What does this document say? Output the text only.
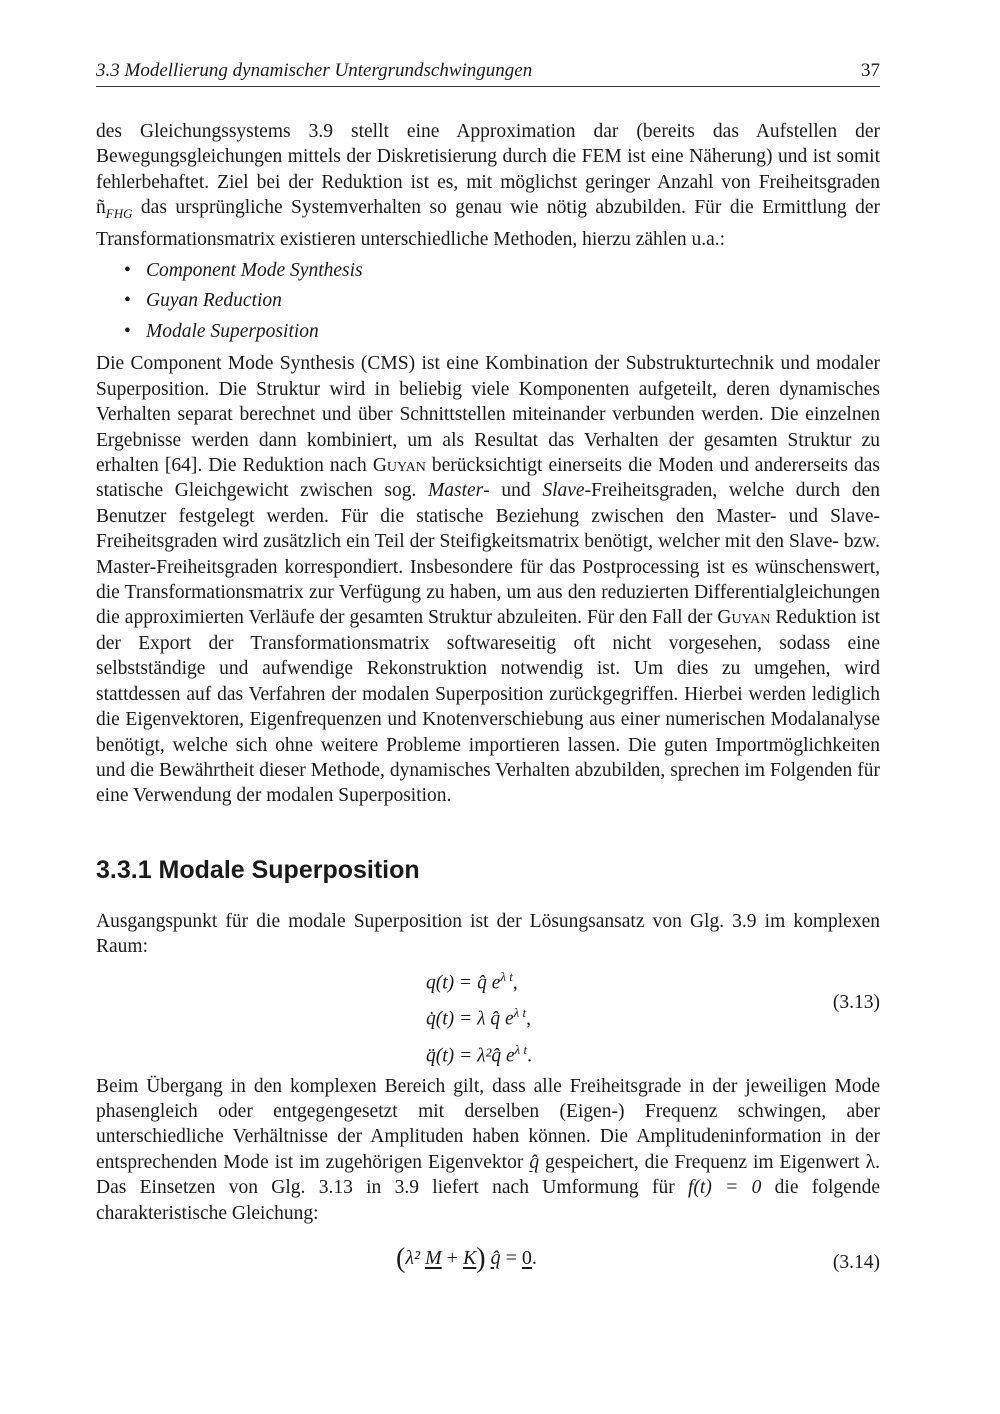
3.3 Modellierung dynamischer Untergrundschwingungen	37

des Gleichungssystems 3.9 stellt eine Approximation dar (bereits das Aufstellen der Bewegungsgleichungen mittels der Diskretisierung durch die FEM ist eine Näherung) und ist somit fehlerbehaftet. Ziel bei der Reduktion ist es, mit möglichst geringer Anzahl von Freiheitsgraden $ñ_{FHG}$ das ursprüngliche Systemverhalten so genau wie nötig abzubilden. Für die Ermittlung der Transformationsmatrix existieren unterschiedliche Methoden, hierzu zählen u.a.:

• Component Mode Synthesis
• Guyan Reduction
• Modale Superposition

Die Component Mode Synthesis (CMS) ist eine Kombination der Substrukturtechnik und modaler Superposition. Die Struktur wird in beliebig viele Komponenten aufgeteilt, deren dynamisches Verhalten separat berechnet und über Schnittstellen miteinander verbunden werden. Die einzelnen Ergebnisse werden dann kombiniert, um als Resultat das Verhalten der gesamten Struktur zu erhalten [64]. Die Reduktion nach Guyan berücksichtigt einerseits die Moden und andererseits das statische Gleichgewicht zwischen sog. Master- und Slave-Freiheitsgraden, welche durch den Benutzer festgelegt werden. Für die statische Beziehung zwischen den Master- und Slave-Freiheitsgraden wird zusätzlich ein Teil der Steifigkeitsmatrix benötigt, welcher mit den Slave- bzw. Master-Freiheitsgraden korrespondiert. Insbesondere für das Postprocessing ist es wünschenswert, die Transformationsmatrix zur Verfügung zu haben, um aus den reduzierten Differentialgleichungen die approximierten Verläufe der gesamten Struktur abzuleiten. Für den Fall der Guyan Reduktion ist der Export der Transformationsmatrix softwareseitig oft nicht vorgesehen, sodass eine selbstständige und aufwendige Rekonstruktion notwendig ist. Um dies zu umgehen, wird stattdessen auf das Verfahren der modalen Superposition zurückgegriffen. Hierbei werden lediglich die Eigenvektoren, Eigenfrequenzen und Knotenverschiebung aus einer numerischen Modalanalyse benötigt, welche sich ohne weitere Probleme importieren lassen. Die guten Importmöglichkeiten und die Bewährtheit dieser Methode, dynamisches Verhalten abzubilden, sprechen im Folgenden für eine Verwendung der modalen Superposition.

3.3.1 Modale Superposition

Ausgangspunkt für die modale Superposition ist der Lösungsansatz von Glg. 3.9 im komplexen Raum:

q(t) = q̂ $e^{\lambda t}$,
q̇(t) = λ q̂ $e^{\lambda t}$,
q̈(t) = λ²q̂ $e^{\lambda t}$.
(3.13)

Beim Übergang in den komplexen Bereich gilt, dass alle Freiheitsgrade in der jeweiligen Mode phasengleich oder entgegengesetzt mit derselben (Eigen-) Frequenz schwingen, aber unterschiedliche Verhältnisse der Amplituden haben können. Die Amplitudeninformation in der entsprechenden Mode ist im zugehörigen Eigenvektor q̂ gespeichert, die Frequenz im Eigenwert λ. Das Einsetzen von Glg. 3.13 in 3.9 liefert nach Umformung für f(t) = 0 die folgende charakteristische Gleichung:

(λ² M + K) q̂ = 0.	(3.14)
